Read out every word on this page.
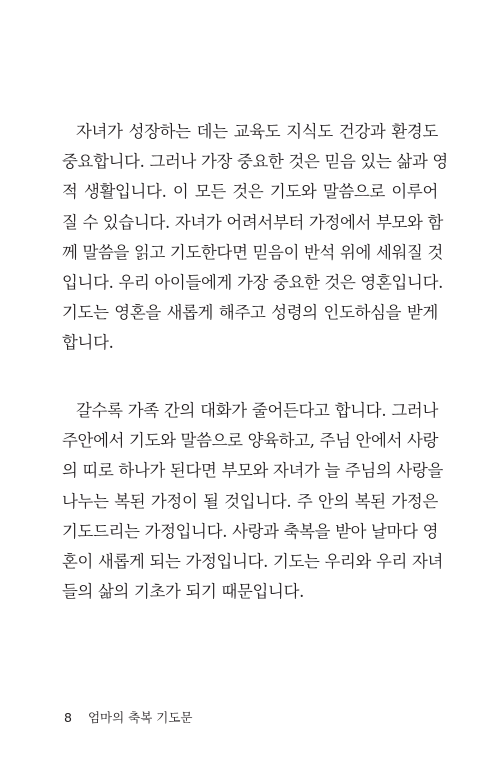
자녀가 성장하는 데는 교육도 지식도 건강과 환경도
중요합니다. 그러나 가장 중요한 것은 믿음 있는 삶과 영
적 생활입니다. 이 모든 것은 기도와 말씀으로 이루어
질 수 있습니다. 자녀가 어려서부터 가정에서 부모와 함
께 말씀을 읽고 기도한다면 믿음이 반석 위에 세워질 것
입니다. 우리 아이들에게 가장 중요한 것은 영혼입니다.
기도는 영혼을 새롭게 해주고 성령의 인도하심을 받게
합니다.
갈수록 가족 간의 대화가 줄어든다고 합니다. 그러나
주안에서 기도와 말씀으로 양육하고, 주님 안에서 사랑
의 띠로 하나가 된다면 부모와 자녀가 늘 주님의 사랑을
나누는 복된 가정이 될 것입니다. 주 안의 복된 가정은
기도드리는 가정입니다. 사랑과 축복을 받아 날마다 영
혼이 새롭게 되는 가정입니다. 기도는 우리와 우리 자녀
들의 삶의 기초가 되기 때문입니다.
8 엄마의 축복 기도문
